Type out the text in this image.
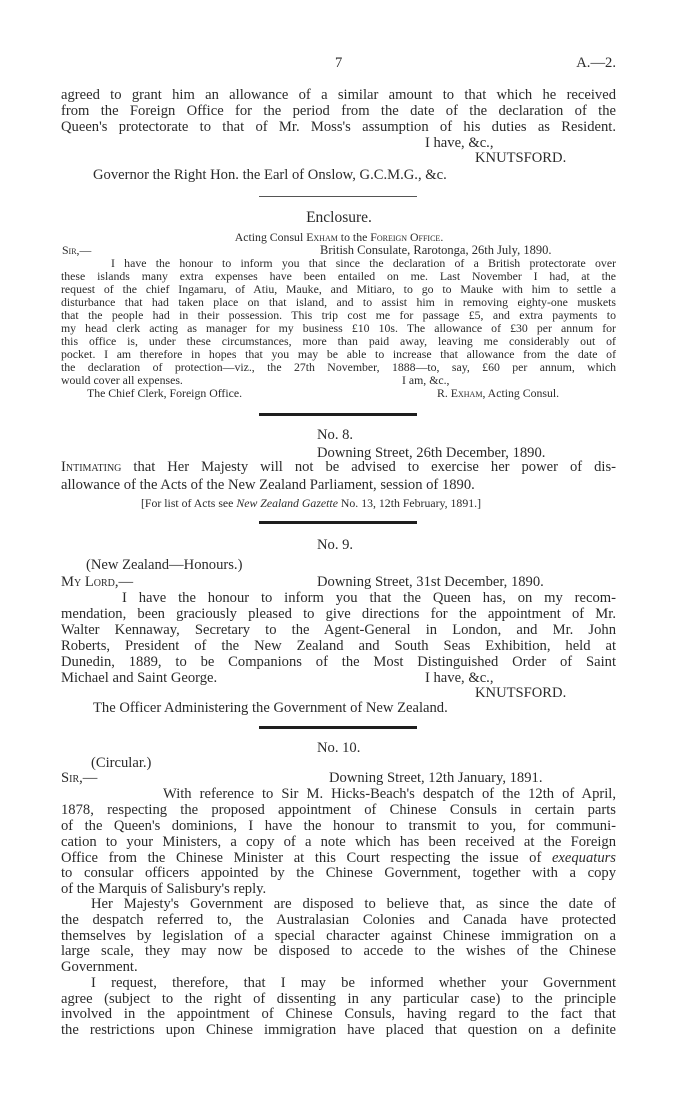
7	A.—2.
agreed to grant him an allowance of a similar amount to that which he received
from the Foreign Office for the period from the date of the declaration of the
Queen's protectorate to that of Mr. Moss's assumption of his duties as Resident.
I have, &c.,
KNUTSFORD.
Governor the Right Hon. the Earl of Onslow, G.C.M.G., &c.
Enclosure.
Acting Consul Exham to the Foreign Office.
Sir,—	British Consulate, Rarotonga, 26th July, 1890.
I have the honour to inform you that since the declaration of a British protectorate over
these islands many extra expenses have been entailed on me. Last November I had, at the
request of the chief Ingamaru, of Atiu, Mauke, and Mitiaro, to go to Mauke with him to settle a
disturbance that had taken place on that island, and to assist him in removing eighty-one muskets
that the people had in their possession. This trip cost me for passage £5, and extra payments to
my head clerk acting as manager for my business £10 10s. The allowance of £30 per annum for
this office is, under these circumstances, more than paid away, leaving me considerably out of
pocket. I am therefore in hopes that you may be able to increase that allowance from the date of
the declaration of protection—viz., the 27th November, 1888—to, say, £60 per annum, which
would cover all expenses.	I am, &c.,
The Chief Clerk, Foreign Office.	R. Exham, Acting Consul.
No. 8.
Downing Street, 26th December, 1890.
Intimating that Her Majesty will not be advised to exercise her power of dis-
allowance of the Acts of the New Zealand Parliament, session of 1890.
[For list of Acts see New Zealand Gazette No. 13, 12th February, 1891.]
No. 9.
(New Zealand—Honours.)
My Lord,—	Downing Street, 31st December, 1890.
I have the honour to inform you that the Queen has, on my recom-
mendation, been graciously pleased to give directions for the appointment of Mr.
Walter Kennaway, Secretary to the Agent-General in London, and Mr. John
Roberts, President of the New Zealand and South Seas Exhibition, held at
Dunedin, 1889, to be Companions of the Most Distinguished Order of Saint
Michael and Saint George.	I have, &c.,
KNUTSFORD.
The Officer Administering the Government of New Zealand.
No. 10.
(Circular.)
Sir,—	Downing Street, 12th January, 1891.
With reference to Sir M. Hicks-Beach's despatch of the 12th of April,
1878, respecting the proposed appointment of Chinese Consuls in certain parts
of the Queen's dominions, I have the honour to transmit to you, for communi-
cation to your Ministers, a copy of a note which has been received at the Foreign
Office from the Chinese Minister at this Court respecting the issue of exequaturs
to consular officers appointed by the Chinese Government, together with a copy
of the Marquis of Salisbury's reply.
Her Majesty's Government are disposed to believe that, as since the date of
the despatch referred to, the Australasian Colonies and Canada have protected
themselves by legislation of a special character against Chinese immigration on a
large scale, they may now be disposed to accede to the wishes of the Chinese
Government.
I request, therefore, that I may be informed whether your Government
agree (subject to the right of dissenting in any particular case) to the principle
involved in the appointment of Chinese Consuls, having regard to the fact that
the restrictions upon Chinese immigration have placed that question on a definite
